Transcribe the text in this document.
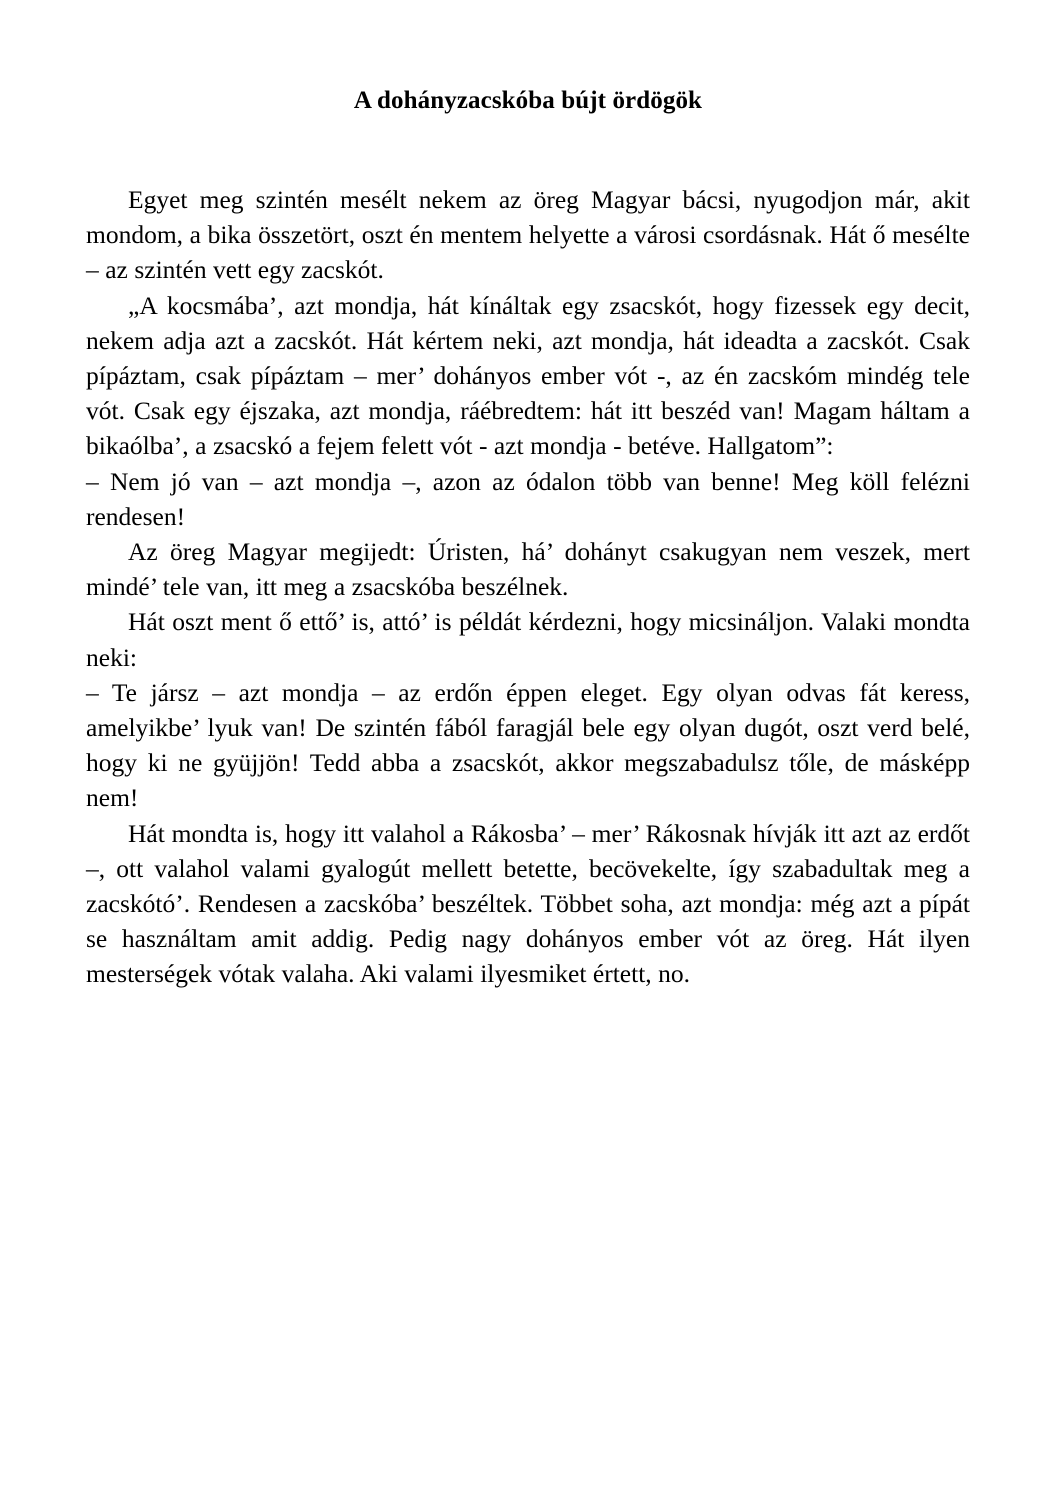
A dohányzacskóba bújt ördögök

Egyet meg szintén mesélt nekem az öreg Magyar bácsi, nyugodjon már, akit mondom, a bika összetört, oszt én mentem helyette a városi csordásnak. Hát ő mesélte – az szintén vett egy zacskót.

„A kocsmába’, azt mondja, hát kínáltak egy zsacskót, hogy fizessek egy decit, nekem adja azt a zacskót. Hát kértem neki, azt mondja, hát ideadta a zacskót. Csak pípáztam, csak pípáztam – mer’ dohányos ember vót -, az én zacskóm mindég tele vót. Csak egy éjszaka, azt mondja, ráébredtem: hát itt beszéd van! Magam háltam a bikaólba’, a zsacskó a fejem felett vót - azt mondja - betéve. Hallgatom”:

– Nem jó van – azt mondja –, azon az ódalon több van benne! Meg köll felézni rendesen!

Az öreg Magyar megijedt: Úristen, há’ dohányt csakugyan nem veszek, mert mindé’ tele van, itt meg a zsacskóba beszélnek.

Hát oszt ment ő ettő’ is, attó’ is példát kérdezni, hogy micsináljon. Valaki mondta neki:

– Te jársz – azt mondja – az erdőn éppen eleget. Egy olyan odvas fát keress, amelyikbe’ lyuk van! De szintén fából faragjál bele egy olyan dugót, oszt verd belé, hogy ki ne gyüjjön! Tedd abba a zsacskót, akkor megszabadulsz tőle, de másképp nem!

Hát mondta is, hogy itt valahol a Rákosba’ – mer’ Rákosnak hívják itt azt az erdőt –, ott valahol valami gyalogút mellett betette, becövekelte, így szabadultak meg a zacskótó’. Rendesen a zacskóba’ beszéltek. Többet soha, azt mondja: még azt a pípát se használtam amit addig. Pedig nagy dohányos ember vót az öreg. Hát ilyen mesterségek vótak valaha. Aki valami ilyesmiket értett, no.
